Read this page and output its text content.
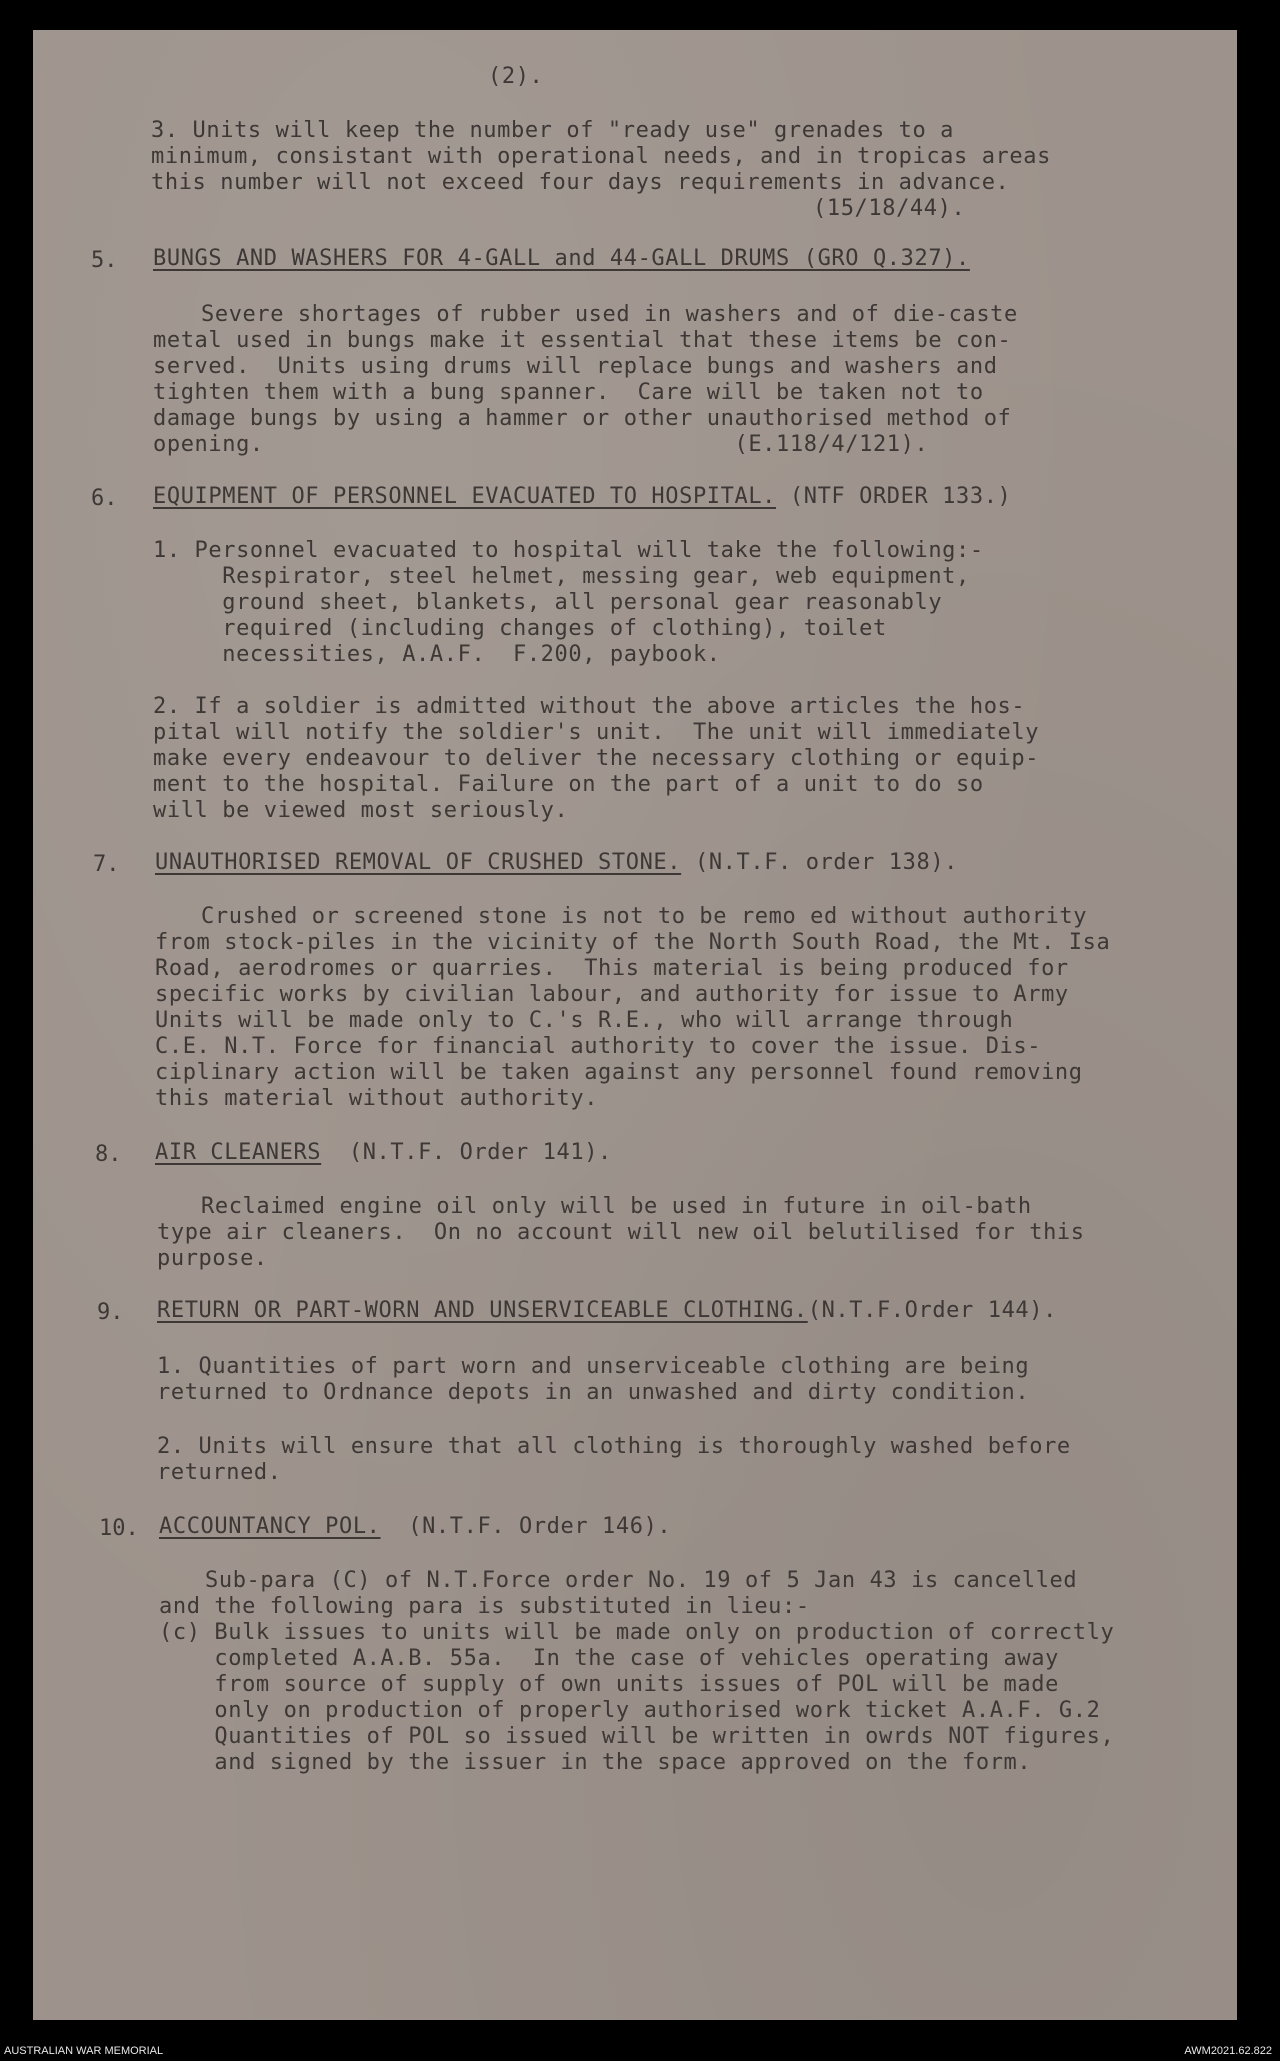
(2).
3. Units will keep the number of "ready use" grenades to a
minimum, consistant with operational needs, and in tropicas areas
this number will not exceed four days requirements in advance.
(15/18/44).
5. BUNGS AND WASHERS FOR 4-GALL and 44-GALL DRUMS (GRO Q.327).
Severe shortages of rubber used in washers and of die-caste
metal used in bungs make it essential that these items be con-
served.  Units using drums will replace bungs and washers and
tighten them with a bung spanner.  Care will be taken not to
damage bungs by using a hammer or other unauthorised method of
opening.                                  (E.118/4/121).
6. EQUIPMENT OF PERSONNEL EVACUATED TO HOSPITAL. (NTF ORDER 133.)
1. Personnel evacuated to hospital will take the following:-
Respirator, steel helmet, messing gear, web equipment,
ground sheet, blankets, all personal gear reasonably
required (including changes of clothing), toilet
necessities, A.A.F.  F.200, paybook.
2. If a soldier is admitted without the above articles the hos-
pital will notify the soldier's unit.  The unit will immediately
make every endeavour to deliver the necessary clothing or equip-
ment to the hospital. Failure on the part of a unit to do so
will be viewed most seriously.
7. UNAUTHORISED REMOVAL OF CRUSHED STONE. (N.T.F. order 138).
Crushed or screened stone is not to be remo ed without authority
from stock-piles in the vicinity of the North South Road, the Mt. Isa
Road, aerodromes or quarries.  This material is being produced for
specific works by civilian labour, and authority for issue to Army
Units will be made only to C.'s R.E., who will arrange through
C.E. N.T. Force for financial authority to cover the issue. Dis-
ciplinary action will be taken against any personnel found removing
this material without authority.
8. AIR CLEANERS  (N.T.F. Order 141).
Reclaimed engine oil only will be used in future in oil-bath
type air cleaners.  On no account will new oil belutilised for this
purpose.
9. RETURN OR PART-WORN AND UNSERVICEABLE CLOTHING.(N.T.F.Order 144).
1. Quantities of part worn and unserviceable clothing are being
returned to Ordnance depots in an unwashed and dirty condition.
2. Units will ensure that all clothing is thoroughly washed before
returned.
10. ACCOUNTANCY POL.  (N.T.F. Order 146).
Sub-para (C) of N.T.Force order No. 19 of 5 Jan 43 is cancelled
and the following para is substituted in lieu:-
(c) Bulk issues to units will be made only on production of correctly
completed A.A.B. 55a.  In the case of vehicles operating away
from source of supply of own units issues of POL will be made
only on production of properly authorised work ticket A.A.F. G.2
Quantities of POL so issued will be written in owrds NOT figures,
and signed by the issuer in the space approved on the form.
AUSTRALIAN WAR MEMORIAL	AWM2021.62.822
